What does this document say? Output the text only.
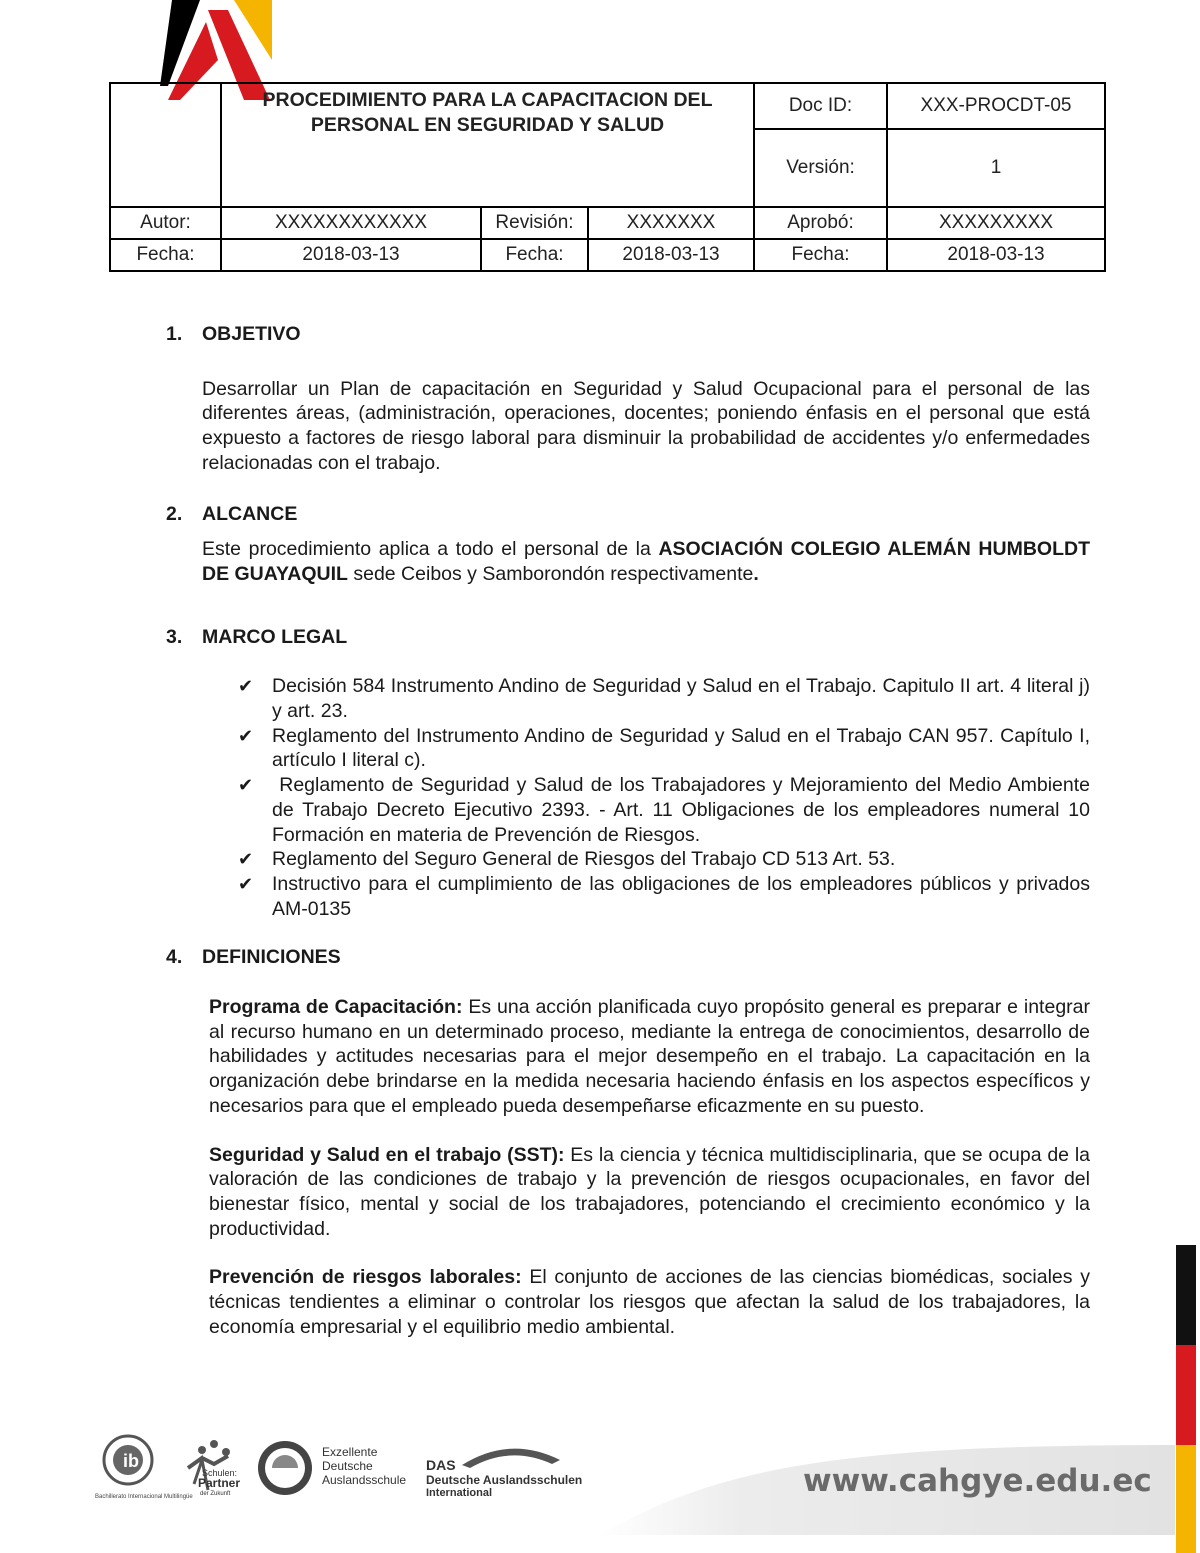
	PROCEDIMIENTO PARA LA CAPACITACION DEL PERSONAL EN SEGURIDAD Y SALUD			Doc ID:	XXX-PROCDT-05
				Versión:	1
Autor:	XXXXXXXXXXXX	Revisión:	XXXXXXX	Aprobó:	XXXXXXXXX
Fecha:	2018-03-13	Fecha:	2018-03-13	Fecha:	2018-03-13
1.	OBJETIVO

Desarrollar un Plan de capacitación en Seguridad y Salud Ocupacional para el personal de las diferentes áreas, (administración, operaciones, docentes; poniendo énfasis en el personal que está expuesto a factores de riesgo laboral para disminuir la probabilidad de accidentes y/o enfermedades relacionadas con el trabajo.

2.	ALCANCE

Este procedimiento aplica a todo el personal de la ASOCIACIÓN COLEGIO ALEMÁN HUMBOLDT DE GUAYAQUIL sede Ceibos y Samborondón respectivamente.

3.	MARCO LEGAL
✔ Decisión 584 Instrumento Andino de Seguridad y Salud en el Trabajo. Capitulo II art. 4 literal j) y art. 23.
✔ Reglamento del Instrumento Andino de Seguridad y Salud en el Trabajo CAN 957. Capítulo I, artículo I literal c).
✔ Reglamento de Seguridad y Salud de los Trabajadores y Mejoramiento del Medio Ambiente de Trabajo Decreto Ejecutivo 2393. - Art. 11 Obligaciones de los empleadores numeral 10 Formación en materia de Prevención de Riesgos.
✔ Reglamento del Seguro General de Riesgos del Trabajo CD 513 Art. 53.
✔ Instructivo para el cumplimiento de las obligaciones de los empleadores públicos y privados AM-0135
4.	DEFINICIONES

Programa de Capacitación: Es una acción planificada cuyo propósito general es preparar e integrar al recurso humano en un determinado proceso, mediante la entrega de conocimientos, desarrollo de habilidades y actitudes necesarias para el mejor desempeño en el trabajo. La capacitación en la organización debe brindarse en la medida necesaria haciendo énfasis en los aspectos específicos y necesarios para que el empleado pueda desempeñarse eficazmente en su puesto.

Seguridad y Salud en el trabajo (SST): Es la ciencia y técnica multidisciplinaria, que se ocupa de la valoración de las condiciones de trabajo y la prevención de riesgos ocupacionales, en favor del bienestar físico, mental y social de los trabajadores, potenciando el crecimiento económico y la productividad.

Prevención de riesgos laborales: El conjunto de acciones de las ciencias biomédicas, sociales y técnicas tendientes a eliminar o controlar los riesgos que afectan la salud de los trabajadores, la economía empresarial y el equilibrio medio ambiental.

www.cahgye.edu.ec
ib
Bachillerato Internacional Multilingüe
Schulen:
Partner
der Zukunft
Exzellente
Deutsche
Auslandsschule
DAS
Deutsche Auslandsschulen
International
